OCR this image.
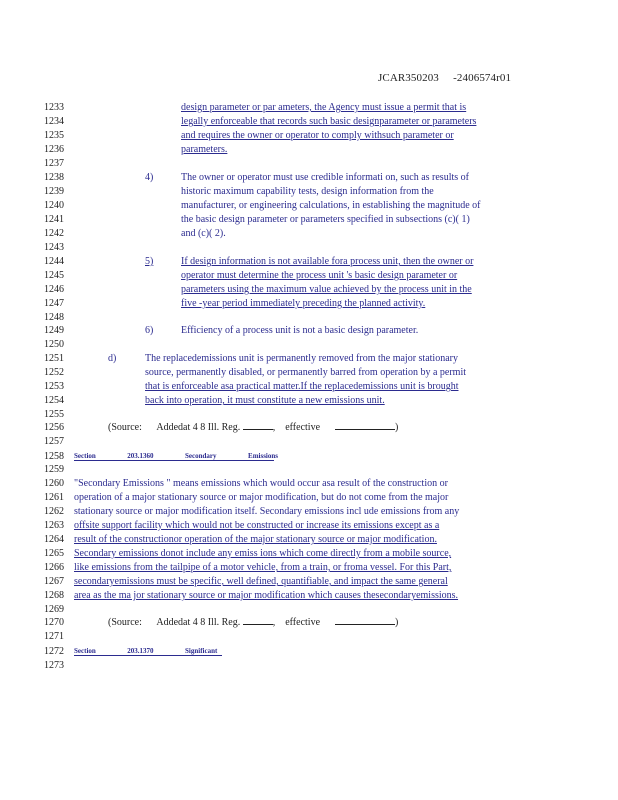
JCAR350203 -2406574r01
1233
1234
1235
1236
1237
1238
1239
1240
1241
1242
1243
1244
1245
1246
1247
1248
1249
1250
1251
1252
1253
1254
1255
1256
1257
1258
1259
1260
1261
1262
1263
1264
1265
1266
1267
1268
1269
1270
1271
1272
1273
design parameter or par ameters, the Agency must issue a permit that is
legally enforceable that records such basic designparameter or parameters
and requires the owner or operator to comply withsuch parameter or
parameters.
4)	The owner or operator must use credible informati on, such as results of
historic maximum capability tests, design information from the
manufacturer, or engineering calculations, in establishing the magnitude of
the basic design parameter or parameters specified in subsections (c)( 1)
and (c)( 2).
5)	If design information is not available fora process unit, then the owner or
operator must determine the process unit 's basic design parameter or
parameters using the maximum value achieved by the process unit in the
five -year period immediately preceding the planned activity.
6)	Efficiency of a process unit is not a basic design parameter.
d)	The replacedemissions unit is permanently removed from the major stationary
source, permanently disabled, or permanently barred from operation by a permit
that is enforceable asa practical matter.If the replacedemissions unit is brought
back into operation, it must constitute a new emissions unit.
(Source: Addedat 4 8 Ill. Reg.	,    effective	)
Section	203.1360	Secondary	Emissions
"Secondary Emissions " means emissions which would occur asa result of the construction or
operation of a major stationary source or major modification, but do not come from the major
stationary source or major modification itself. Secondary emissions incl ude emissions from any
offsite support facility which would not be constructed or increase its emissions except as a
result of the constructionor operation of the major stationary source or major modification.
Secondary emissions donot include any emiss ions which come directly from a mobile source,
like emissions from the tailpipe of a motor vehicle, from a train, or froma vessel. For this Part,
secondaryemissions must be specific, well defined, quantifiable, and impact the same general
area as the ma jor stationary source or major modification which causes thesecondaryemissions.
(Source: Addedat 4 8 Ill. Reg.	,    effective	)
Section	203.1370	Significant
